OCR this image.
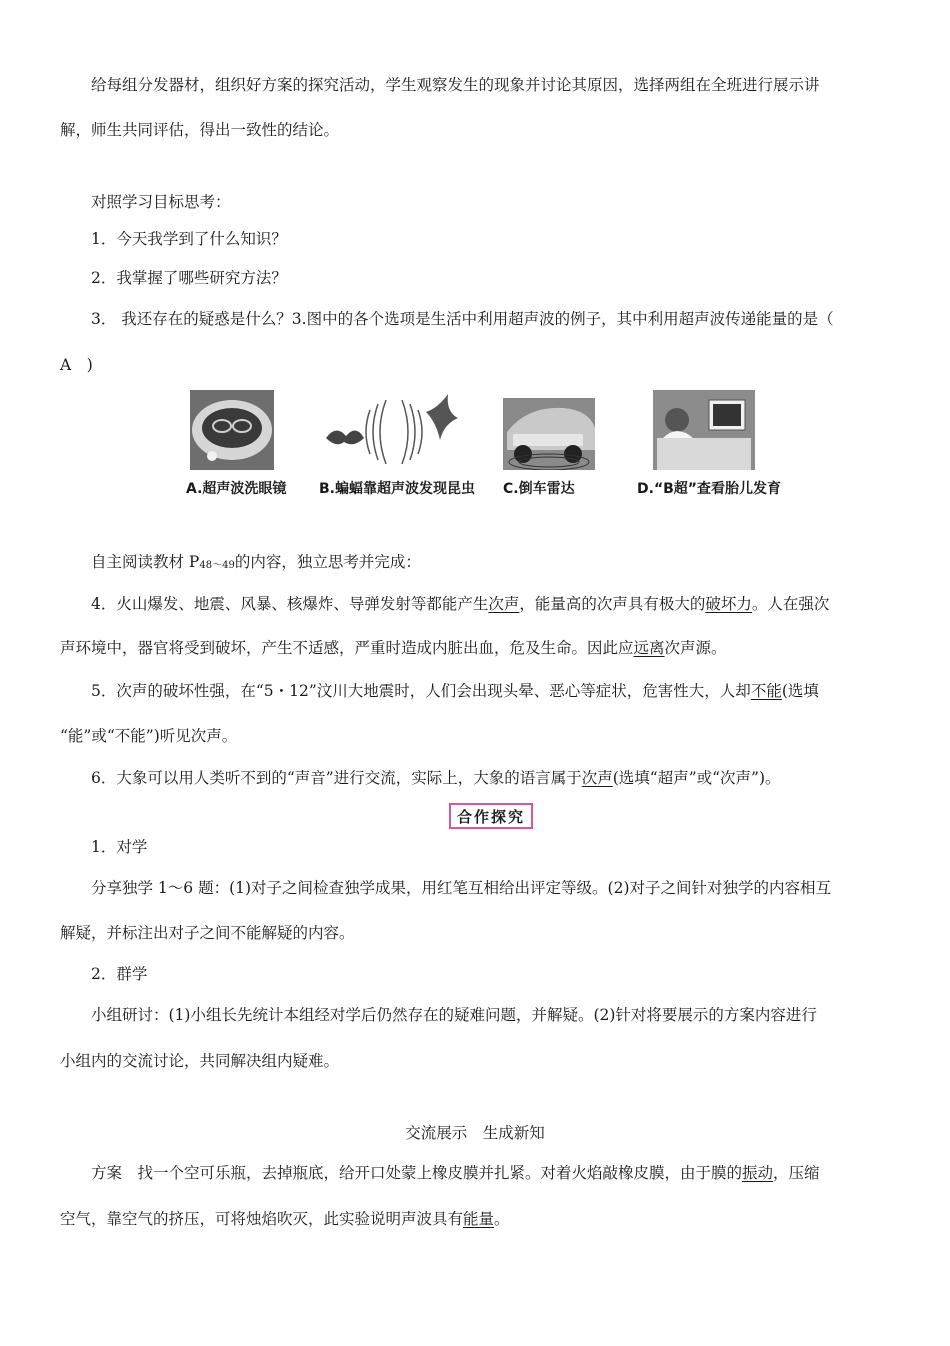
给每组分发器材，组织好方案的探究活动，学生观察发生的现象并讨论其原因，选择两组在全班进行展示讲
解，师生共同评估，得出一致性的结论。
对照学习目标思考：
1．今天我学到了什么知识？
2．我掌握了哪些研究方法？
3． 我还存在的疑惑是什么？3.图中的各个选项是生活中利用超声波的例子，其中利用超声波传递能量的是（
A　)
A.超声波洗眼镜 B.蝙蝠靠超声波发现昆虫 C.倒车雷达	D.“B超”查看胎儿发育
自主阅读教材 $P_{48\sim 49}$的内容，独立思考并完成：
4．火山爆发、地震、风暴、核爆炸、导弹发射等都能产生次声，能量高的次声具有极大的破坏力。人在强次
声环境中，器官将受到破坏，产生不适感，严重时造成内脏出血，危及生命。因此应远离次声源。
5．次声的破坏性强，在“5・12”汶川大地震时，人们会出现头晕、恶心等症状，危害性大，人却不能(选填
“能”或“不能”)听见次声。
6．大象可以用人类听不到的“声音”进行交流，实际上，大象的语言属于次声(选填“超声”或“次声”)。
合作探究
1．对学
分享独学 1～6 题：(1)对子之间检查独学成果，用红笔互相给出评定等级。(2)对子之间针对独学的内容相互
解疑，并标注出对子之间不能解疑的内容。
2．群学
小组研讨：(1)小组长先统计本组经对学后仍然存在的疑难问题，并解疑。(2)针对将要展示的方案内容进行
小组内的交流讨论，共同解决组内疑难。
交流展示　生成新知
方案　找一个空可乐瓶，去掉瓶底，给开口处蒙上橡皮膜并扎紧。对着火焰敲橡皮膜，由于膜的振动，压缩
空气，靠空气的挤压，可将烛焰吹灭，此实验说明声波具有能量。
